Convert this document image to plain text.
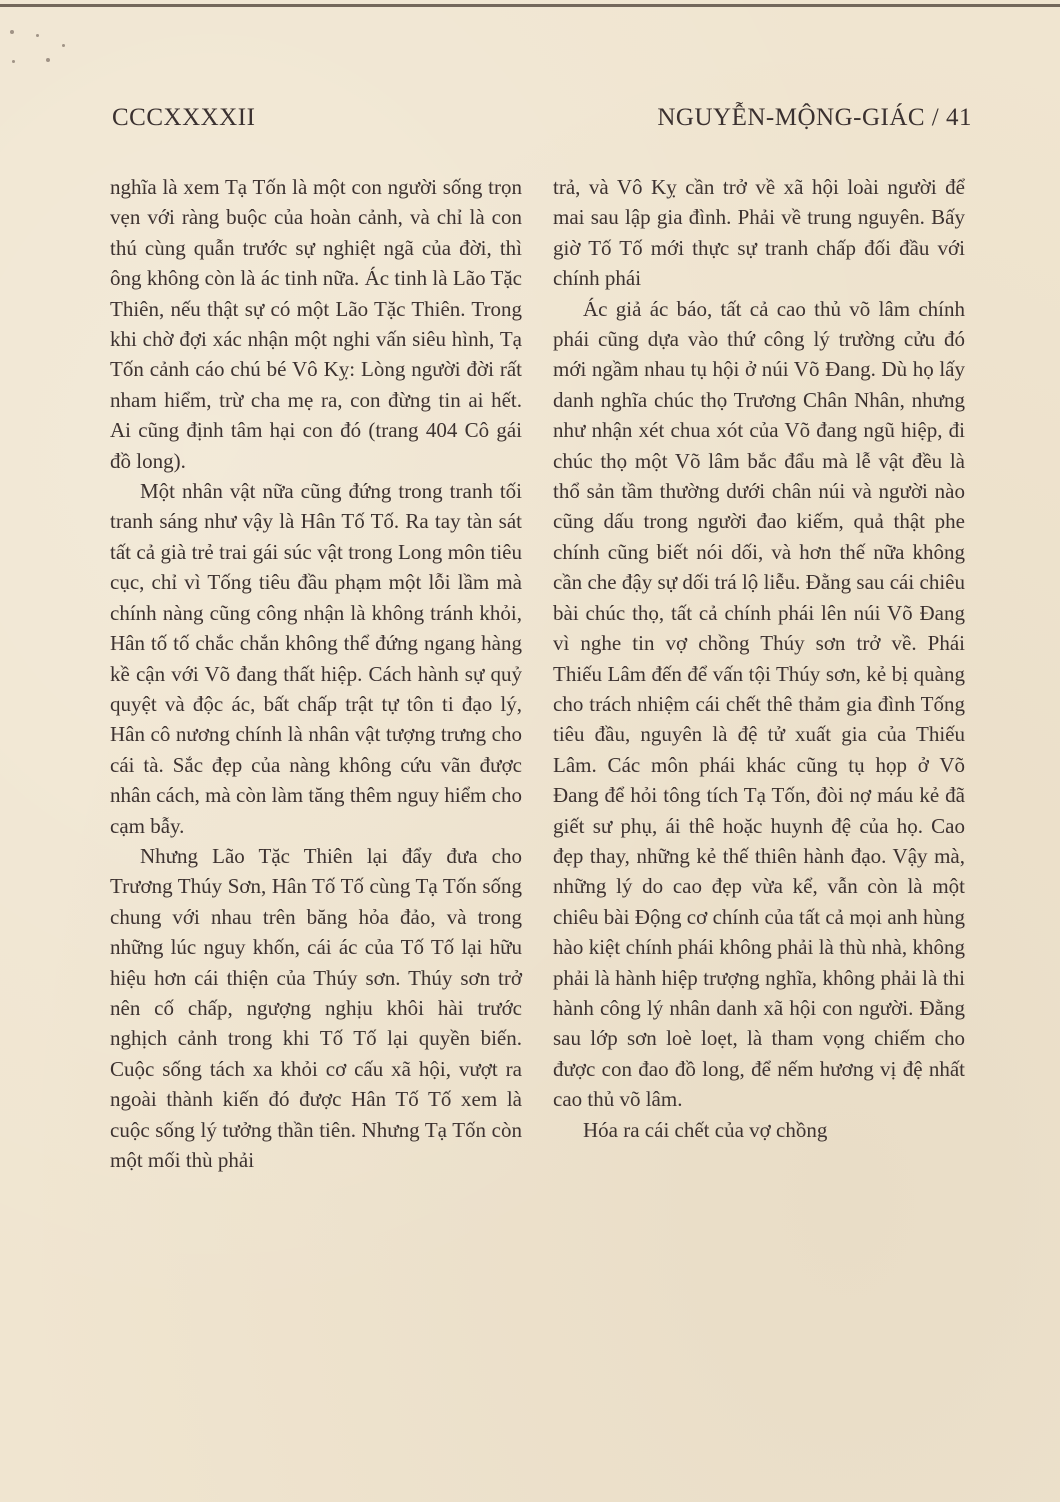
CCCXXXXII	NGUYỄN-MỘNG-GIÁC / 41

nghĩa là xem Tạ Tốn là một con người sống trọn vẹn với ràng buộc của hoàn cảnh, và chỉ là con thú cùng quẫn trước sự nghiệt ngã của đời, thì ông không còn là ác tinh nữa. Ác tinh là Lão Tặc Thiên, nếu thật sự có một Lão Tặc Thiên. Trong khi chờ đợi xác nhận một nghi vấn siêu hình, Tạ Tốn cảnh cáo chú bé Vô Kỵ: Lòng người đời rất nham hiểm, trừ cha mẹ ra, con đừng tin ai hết. Ai cũng định tâm hại con đó (trang 404 Cô gái đồ long).

Một nhân vật nữa cũng đứng trong tranh tối tranh sáng như vậy là Hân Tố Tố. Ra tay tàn sát tất cả già trẻ trai gái súc vật trong Long môn tiêu cục, chỉ vì Tống tiêu đầu phạm một lỗi lầm mà chính nàng cũng công nhận là không tránh khỏi, Hân tố tố chắc chắn không thể đứng ngang hàng kề cận với Võ đang thất hiệp. Cách hành sự quỷ quyệt và độc ác, bất chấp trật tự tôn ti đạo lý, Hân cô nương chính là nhân vật tượng trưng cho cái tà. Sắc đẹp của nàng không cứu vãn được nhân cách, mà còn làm tăng thêm nguy hiểm cho cạm bẫy.

Nhưng Lão Tặc Thiên lại đẩy đưa cho Trương Thúy Sơn, Hân Tố Tố cùng Tạ Tốn sống chung với nhau trên băng hỏa đảo, và trong những lúc nguy khốn, cái ác của Tố Tố lại hữu hiệu hơn cái thiện của Thúy sơn. Thúy sơn trở nên cố chấp, ngượng nghịu khôi hài trước nghịch cảnh trong khi Tố Tố lại quyền biến. Cuộc sống tách xa khỏi cơ cấu xã hội, vượt ra ngoài thành kiến đó được Hân Tố Tố xem là cuộc sống lý tưởng thần tiên. Nhưng Tạ Tốn còn một mối thù phải

trả, và Vô Kỵ cần trở về xã hội loài người để mai sau lập gia đình. Phải về trung nguyên. Bấy giờ Tố Tố mới thực sự tranh chấp đối đầu với chính phái

Ác giả ác báo, tất cả cao thủ võ lâm chính phái cũng dựa vào thứ công lý trường cửu đó mới ngầm nhau tụ hội ở núi Võ Đang. Dù họ lấy danh nghĩa chúc thọ Trương Chân Nhân, nhưng như nhận xét chua xót của Võ đang ngũ hiệp, đi chúc thọ một Võ lâm bắc đẩu mà lễ vật đều là thổ sản tầm thường dưới chân núi và người nào cũng dấu trong người đao kiếm, quả thật phe chính cũng biết nói dối, và hơn thế nữa không cần che đậy sự dối trá lộ liễu. Đằng sau cái chiêu bài chúc thọ, tất cả chính phái lên núi Võ Đang vì nghe tin vợ chồng Thúy sơn trở về. Phái Thiếu Lâm đến để vấn tội Thúy sơn, kẻ bị quàng cho trách nhiệm cái chết thê thảm gia đình Tống tiêu đầu, nguyên là đệ tử xuất gia của Thiếu Lâm. Các môn phái khác cũng tụ họp ở Võ Đang để hỏi tông tích Tạ Tốn, đòi nợ máu kẻ đã giết sư phụ, ái thê hoặc huynh đệ của họ. Cao đẹp thay, những kẻ thế thiên hành đạo. Vậy mà, những lý do cao đẹp vừa kể, vẫn còn là một chiêu bài Động cơ chính của tất cả mọi anh hùng hào kiệt chính phái không phải là thù nhà, không phải là hành hiệp trượng nghĩa, không phải là thi hành công lý nhân danh xã hội con người. Đằng sau lớp sơn loè loẹt, là tham vọng chiếm cho được con đao đồ long, để nếm hương vị đệ nhất cao thủ võ lâm.

Hóa ra cái chết của vợ chồng
